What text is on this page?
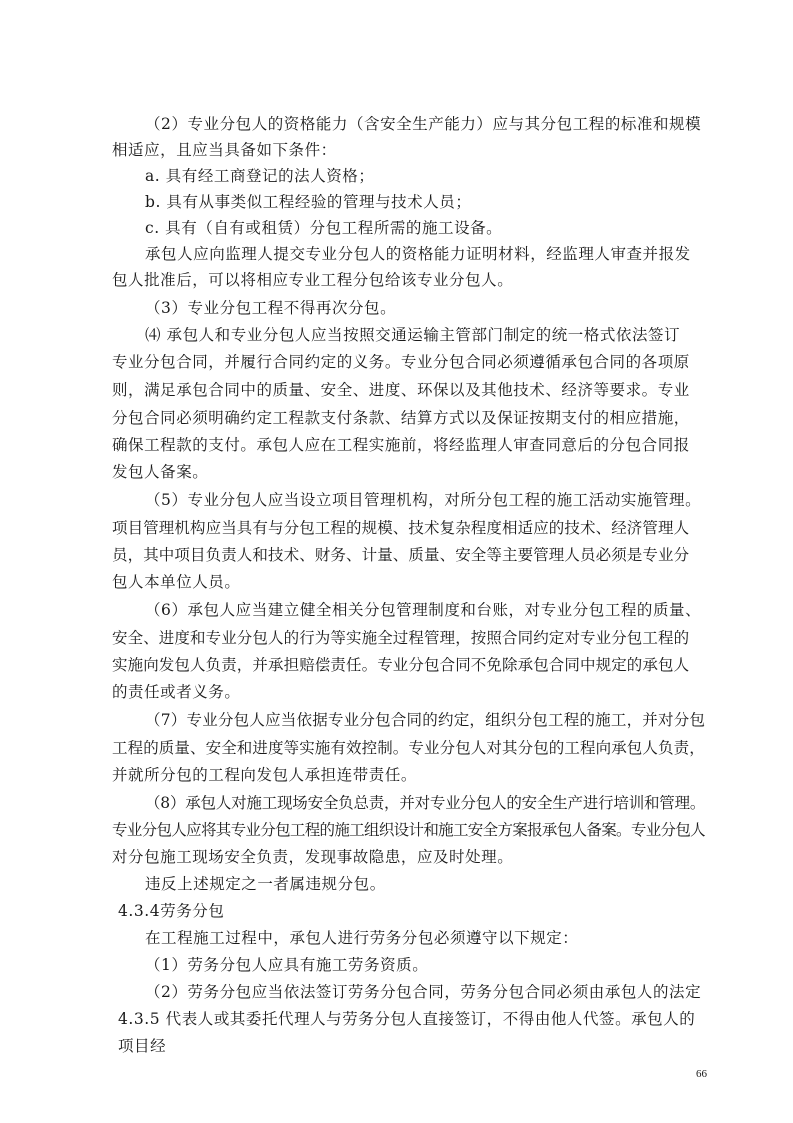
（2）专业分包人的资格能力（含安全生产能力）应与其分包工程的标准和规模
相适应，且应当具备如下条件：
a. 具有经工商登记的法人资格；
b. 具有从事类似工程经验的管理与技术人员；
c. 具有（自有或租赁）分包工程所需的施工设备。
承包人应向监理人提交专业分包人的资格能力证明材料，经监理人审查并报发
包人批准后，可以将相应专业工程分包给该专业分包人。
（3）专业分包工程不得再次分包。
⑷ 承包人和专业分包人应当按照交通运输主管部门制定的统一格式依法签订
专业分包合同，并履行合同约定的义务。专业分包合同必须遵循承包合同的各项原
则，满足承包合同中的质量、安全、进度、环保以及其他技术、经济等要求。专业
分包合同必须明确约定工程款支付条款、结算方式以及保证按期支付的相应措施，
确保工程款的支付。承包人应在工程实施前，将经监理人审查同意后的分包合同报
发包人备案。
（5）专业分包人应当设立项目管理机构，对所分包工程的施工活动实施管理。
项目管理机构应当具有与分包工程的规模、技术复杂程度相适应的技术、经济管理人
员，其中项目负责人和技术、财务、计量、质量、安全等主要管理人员必须是专业分
包人本单位人员。
（6）承包人应当建立健全相关分包管理制度和台账，对专业分包工程的质量、
安全、进度和专业分包人的行为等实施全过程管理，按照合同约定对专业分包工程的
实施向发包人负责，并承担赔偿责任。专业分包合同不免除承包合同中规定的承包人
的责任或者义务。
（7）专业分包人应当依据专业分包合同的约定，组织分包工程的施工，并对分包
工程的质量、安全和进度等实施有效控制。专业分包人对其分包的工程向承包人负责，
并就所分包的工程向发包人承担连带责任。
（8）承包人对施工现场安全负总责，并对专业分包人的安全生产进行培训和管理。
专业分包人应将其专业分包工程的施工组织设计和施工安全方案报承包人备案。专业分包人
对分包施工现场安全负责，发现事故隐患，应及时处理。
违反上述规定之一者属违规分包。
4.3.4劳务分包
在工程施工过程中，承包人进行劳务分包必须遵守以下规定：
（1）劳务分包人应具有施工劳务资质。
（2）劳务分包应当依法签订劳务分包合同，劳务分包合同必须由承包人的法定
4.3.5 代表人或其委托代理人与劳务分包人直接签订，不得由他人代签。承包人的
项目经
66
